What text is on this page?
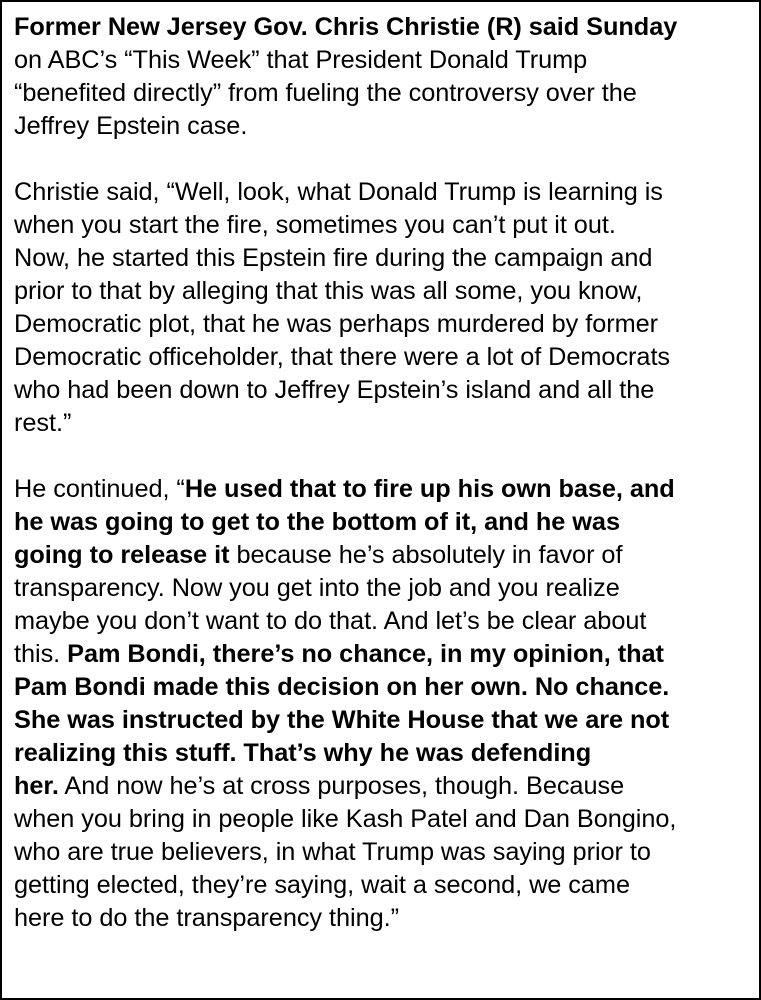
Former New Jersey Gov. Chris Christie (R) said Sunday
on ABC’s “This Week” that President Donald Trump
“benefited directly” from fueling the controversy over the
Jeffrey Epstein case.

Christie said, “Well, look, what Donald Trump is learning is
when you start the fire, sometimes you can’t put it out.
Now, he started this Epstein fire during the campaign and
prior to that by alleging that this was all some, you know,
Democratic plot, that he was perhaps murdered by former
Democratic officeholder, that there were a lot of Democrats
who had been down to Jeffrey Epstein’s island and all the
rest.”

He continued, “He used that to fire up his own base, and
he was going to get to the bottom of it, and he was
going to release it because he’s absolutely in favor of
transparency. Now you get into the job and you realize
maybe you don’t want to do that. And let’s be clear about
this. Pam Bondi, there’s no chance, in my opinion, that
Pam Bondi made this decision on her own. No chance.
She was instructed by the White House that we are not
realizing this stuff. That’s why he was defending
her. And now he’s at cross purposes, though. Because
when you bring in people like Kash Patel and Dan Bongino,
who are true believers, in what Trump was saying prior to
getting elected, they’re saying, wait a second, we came
here to do the transparency thing.”
